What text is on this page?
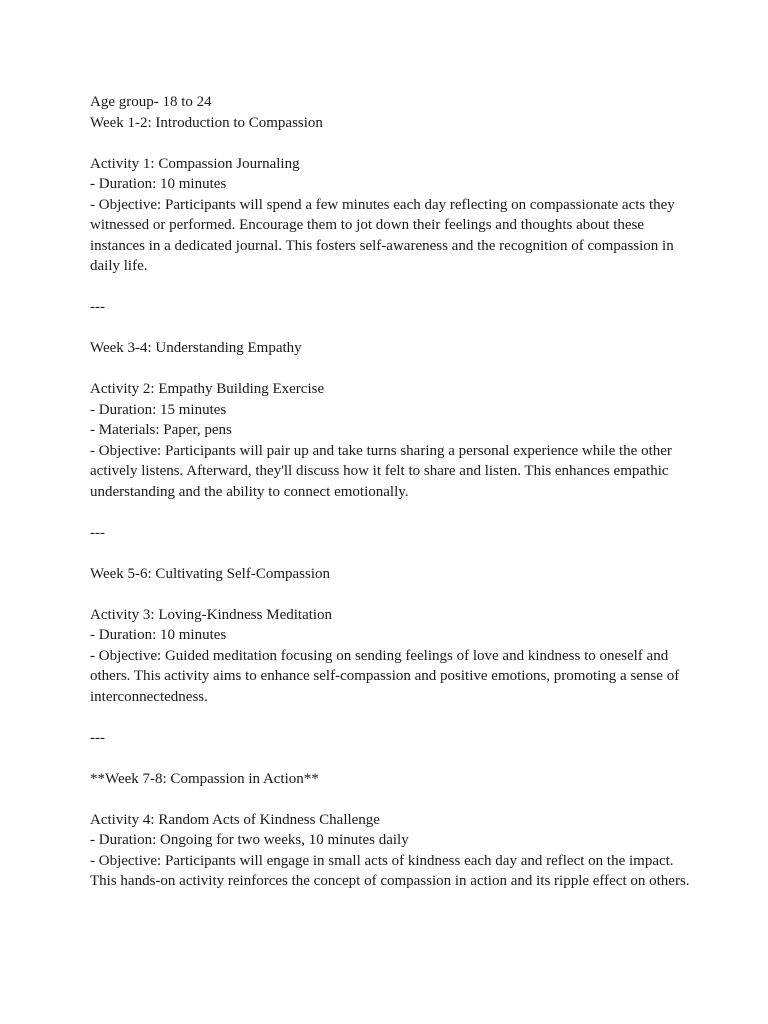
Age group- 18 to 24
Week 1-2: Introduction to Compassion
Activity 1: Compassion Journaling
- Duration: 10 minutes
- Objective: Participants will spend a few minutes each day reflecting on compassionate acts they witnessed or performed. Encourage them to jot down their feelings and thoughts about these instances in a dedicated journal. This fosters self-awareness and the recognition of compassion in daily life.
---
Week 3-4: Understanding Empathy
Activity 2: Empathy Building Exercise
- Duration: 15 minutes
- Materials: Paper, pens
- Objective: Participants will pair up and take turns sharing a personal experience while the other actively listens. Afterward, they'll discuss how it felt to share and listen. This enhances empathic understanding and the ability to connect emotionally.
---
Week 5-6: Cultivating Self-Compassion
Activity 3: Loving-Kindness Meditation
- Duration: 10 minutes
- Objective: Guided meditation focusing on sending feelings of love and kindness to oneself and others. This activity aims to enhance self-compassion and positive emotions, promoting a sense of interconnectedness.
---
**Week 7-8: Compassion in Action**
Activity 4: Random Acts of Kindness Challenge
- Duration: Ongoing for two weeks, 10 minutes daily
- Objective: Participants will engage in small acts of kindness each day and reflect on the impact. This hands-on activity reinforces the concept of compassion in action and its ripple effect on others.
